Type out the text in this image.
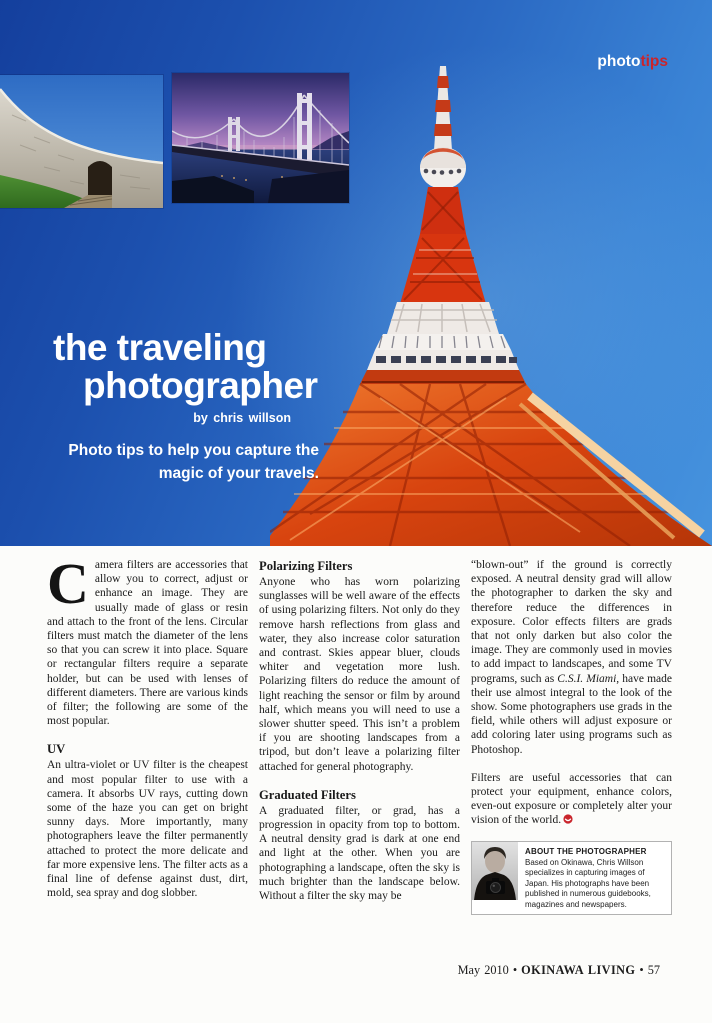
phototips
the traveling
photographer
by chris willson
Photo tips to help you capture the
magic of your travels.

Camera filters are accessories that allow you to correct, adjust or enhance an image. They are usually made of glass or resin and attach to the front of the lens. Circular filters must match the diameter of the lens so that you can screw it into place. Square or rectangular filters require a separate holder, but can be used with lenses of different diameters. There are various kinds of filter; the following are some of the most popular.

UV

An ultra-violet or UV filter is the cheapest and most popular filter to use with a camera. It absorbs UV rays, cutting down some of the haze you can get on bright sunny days. More importantly, many photographers leave the filter permanently attached to protect the more delicate and far more expensive lens. The filter acts as a final line of defense against dust, dirt, mold, sea spray and dog slobber.

Polarizing Filters

Anyone who has worn polarizing sunglasses will be well aware of the effects of using polarizing filters. Not only do they remove harsh reflections from glass and water, they also increase color saturation and contrast. Skies appear bluer, clouds whiter and vegetation more lush. Polarizing filters do reduce the amount of light reaching the sensor or film by around half, which means you will need to use a slower shutter speed. This isn’t a problem if you are shooting landscapes from a tripod, but don’t leave a polarizing filter attached for general photography.

Graduated Filters

A graduated filter, or grad, has a progression in opacity from top to bottom. A neutral density grad is dark at one end and light at the other. When you are photographing a landscape, often the sky is much brighter than the landscape below. Without a filter the sky may be

“blown-out” if the ground is correctly exposed. A neutral density grad will allow the photographer to darken the sky and therefore reduce the differences in exposure. Color effects filters are grads that not only darken but also color the image. They are commonly used in movies to add impact to landscapes, and some TV programs, such as C.S.I. Miami, have made their use almost integral to the look of the show. Some photographers use grads in the field, while others will adjust exposure or add coloring later using programs such as Photoshop.

Filters are useful accessories that can protect your equipment, enhance colors, even-out exposure or completely alter your vision of the world.

ABOUT THE PHOTOGRAPHER

Based on Okinawa, Chris Willson specializes in capturing images of Japan. His photographs have been published in numerous guidebooks, magazines and newspapers.

May 2010 • OKINAWA LIVING • 57
